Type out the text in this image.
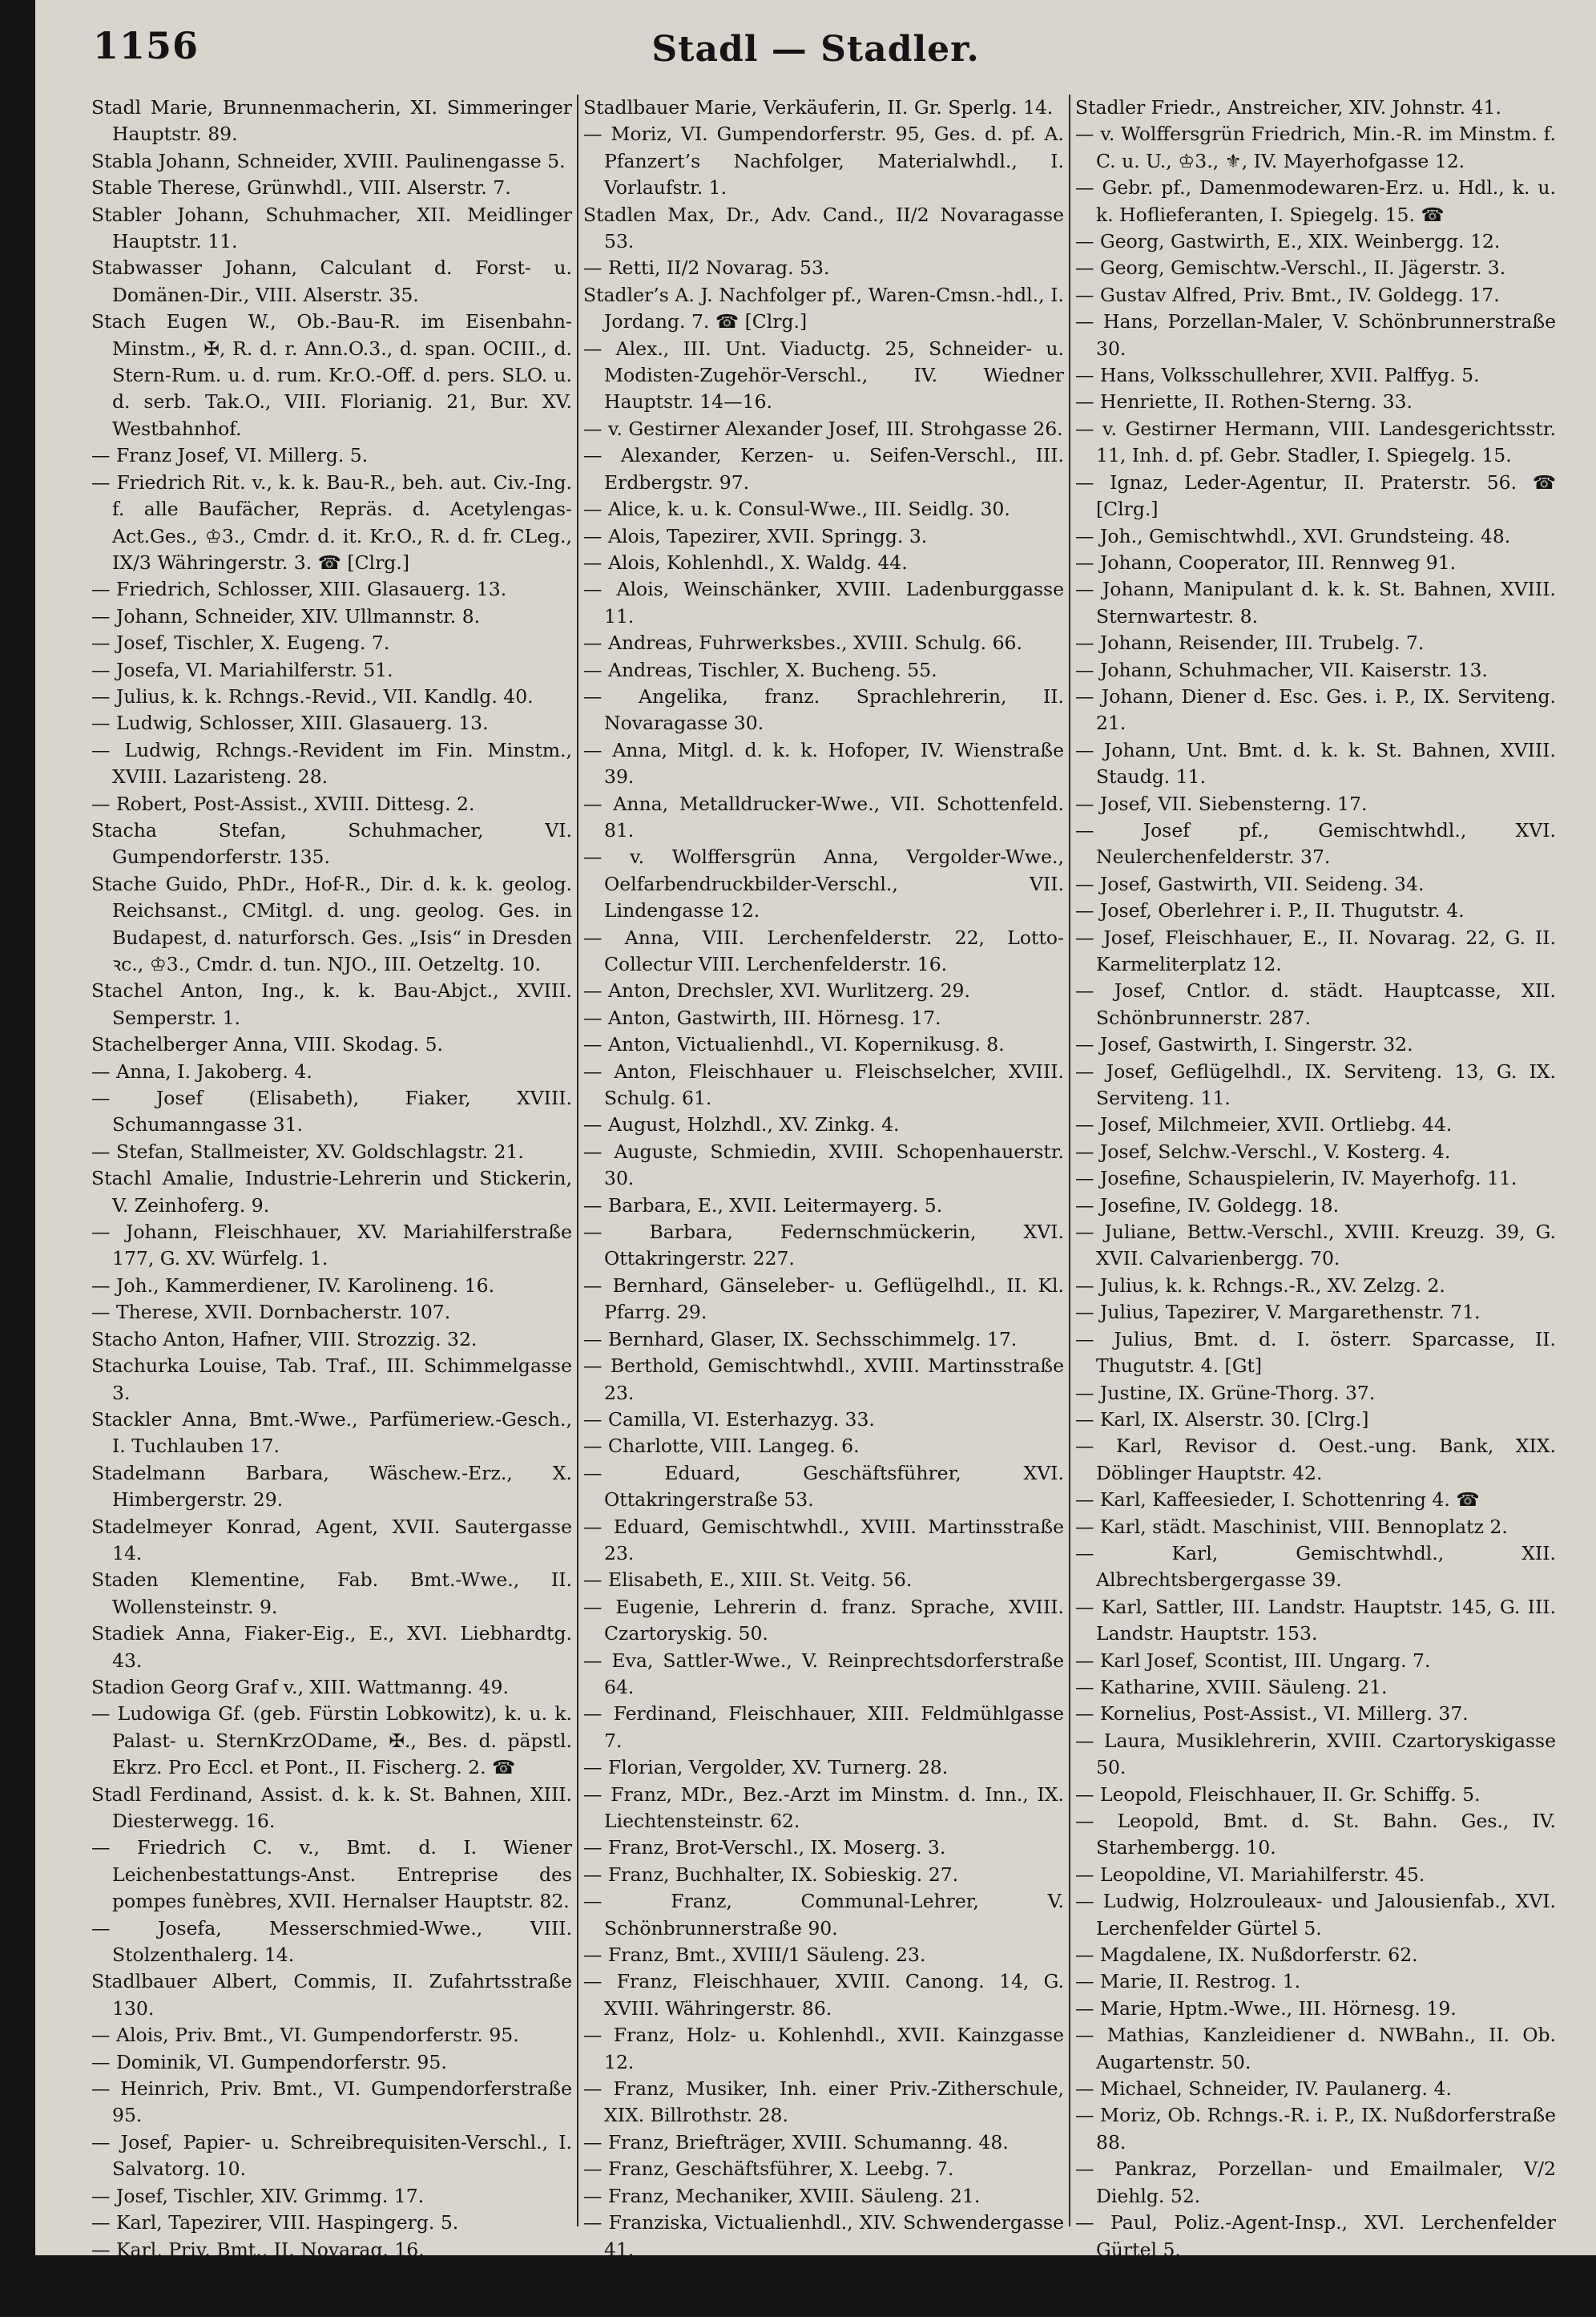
1156	Stadl — Stadler.

Stadl Marie, Brunnenmacherin, XI. Simmeringer Hauptstr. 89.

Stabla Johann, Schneider, XVIII. Paulinengasse 5.

Stable Therese, Grünwhdl., VIII. Alserstr. 7.

Stabler Johann, Schuhmacher, XII. Meidlinger Hauptstr. 11.

Stabwasser Johann, Calculant d. Forst- u. Domänen-Dir., VIII. Alserstr. 35.

Stach Eugen W., Ob.-Bau-R. im Eisenbahn-Minstm., ✠, R. d. r. Ann.O.3., d. span. OCIII., d. Stern-Rum. u. d. rum. Kr.O.-Off. d. pers. SLO. u. d. serb. Tak.O., VIII. Florianig. 21, Bur. XV. Westbahnhof.

— Franz Josef, VI. Millerg. 5.

— Friedrich Rit. v., k. k. Bau-R., beh. aut. Civ.-Ing. f. alle Baufächer, Repräs. d. Acetylengas-Act.Ges., ♔3., Cmdr. d. it. Kr.O., R. d. fr. CLeg., IX/3 Währingerstr. 3. ☎ [Clrg.]

— Friedrich, Schlosser, XIII. Glasauerg. 13.

— Johann, Schneider, XIV. Ullmannstr. 8.

— Josef, Tischler, X. Eugeng. 7.

— Josefa, VI. Mariahilferstr. 51.

— Julius, k. k. Rchngs.-Revid., VII. Kandlg. 40.

— Ludwig, Schlosser, XIII. Glasauerg. 13.

— Ludwig, Rchngs.-Revident im Fin. Minstm., XVIII. Lazaristeng. 28.

— Robert, Post-Assist., XVIII. Dittesg. 2.

Stacha Stefan, Schuhmacher, VI. Gumpendorferstr. 135.

Stache Guido, PhDr., Hof-R., Dir. d. k. k. geolog. Reichsanst., CMitgl. d. ung. geolog. Ges. in Budapest, d. naturforsch. Ges. „Isis“ in Dresden ꝛc., ♔3., Cmdr. d. tun. NJO., III. Oetzeltg. 10.

Stachel Anton, Ing., k. k. Bau-Abjct., XVIII. Semperstr. 1.

Stachelberger Anna, VIII. Skodag. 5.

— Anna, I. Jakoberg. 4.

— Josef (Elisabeth), Fiaker, XVIII. Schumanngasse 31.

— Stefan, Stallmeister, XV. Goldschlagstr. 21.

Stachl Amalie, Industrie-Lehrerin und Stickerin, V. Zeinhoferg. 9.

— Johann, Fleischhauer, XV. Mariahilferstraße 177, G. XV. Würfelg. 1.

— Joh., Kammerdiener, IV. Karolineng. 16.

— Therese, XVII. Dornbacherstr. 107.

Stacho Anton, Hafner, VIII. Strozzig. 32.

Stachurka Louise, Tab. Traf., III. Schimmelgasse 3.

Stackler Anna, Bmt.-Wwe., Parfümeriew.-Gesch., I. Tuchlauben 17.

Stadelmann Barbara, Wäschew.-Erz., X. Himbergerstr. 29.

Stadelmeyer Konrad, Agent, XVII. Sautergasse 14.

Staden Klementine, Fab. Bmt.-Wwe., II. Wollensteinstr. 9.

Stadiek Anna, Fiaker-Eig., E., XVI. Liebhardtg. 43.

Stadion Georg Graf v., XIII. Wattmanng. 49.

— Ludowiga Gf. (geb. Fürstin Lobkowitz), k. u. k. Palast- u. SternKrzODame, ✠., Bes. d. päpstl. Ekrz. Pro Eccl. et Pont., II. Fischerg. 2. ☎

Stadl Ferdinand, Assist. d. k. k. St. Bahnen, XIII. Diesterwegg. 16.

— Friedrich C. v., Bmt. d. I. Wiener Leichenbestattungs-Anst. Entreprise des pompes funèbres, XVII. Hernalser Hauptstr. 82.

— Josefa, Messerschmied-Wwe., VIII. Stolzenthalerg. 14.

Stadlbauer Albert, Commis, II. Zufahrtsstraße 130.

— Alois, Priv. Bmt., VI. Gumpendorferstr. 95.

— Dominik, VI. Gumpendorferstr. 95.

— Heinrich, Priv. Bmt., VI. Gumpendorferstraße 95.

— Josef, Papier- u. Schreibrequisiten-Verschl., I. Salvatorg. 10.

— Josef, Tischler, XIV. Grimmg. 17.

— Karl, Tapezirer, VIII. Haspingerg. 5.

— Karl, Priv. Bmt., II. Novarag. 16.

Stadlbauer Marie, Verkäuferin, II. Gr. Sperlg. 14.

— Moriz, VI. Gumpendorferstr. 95, Ges. d. pf. A. Pfanzert’s Nachfolger, Materialwhdl., I. Vorlaufstr. 1.

Stadlen Max, Dr., Adv. Cand., II/2 Novaragasse 53.

— Retti, II/2 Novarag. 53.

Stadler’s A. J. Nachfolger pf., Waren-Cmsn.-hdl., I. Jordang. 7. ☎ [Clrg.]

— Alex., III. Unt. Viaductg. 25, Schneider- u. Modisten-Zugehör-Verschl., IV. Wiedner Hauptstr. 14—16.

— v. Gestirner Alexander Josef, III. Strohgasse 26.

— Alexander, Kerzen- u. Seifen-Verschl., III. Erdbergstr. 97.

— Alice, k. u. k. Consul-Wwe., III. Seidlg. 30.

— Alois, Tapezirer, XVII. Springg. 3.

— Alois, Kohlenhdl., X. Waldg. 44.

— Alois, Weinschänker, XVIII. Ladenburggasse 11.

— Andreas, Fuhrwerksbes., XVIII. Schulg. 66.

— Andreas, Tischler, X. Bucheng. 55.

— Angelika, franz. Sprachlehrerin, II. Novaragasse 30.

— Anna, Mitgl. d. k. k. Hofoper, IV. Wienstraße 39.

— Anna, Metalldrucker-Wwe., VII. Schottenfeld. 81.

— v. Wolffersgrün Anna, Vergolder-Wwe., Oelfarbendruckbilder-Verschl., VII. Lindengasse 12.

— Anna, VIII. Lerchenfelderstr. 22, Lotto-Collectur VIII. Lerchenfelderstr. 16.

— Anton, Drechsler, XVI. Wurlitzerg. 29.

— Anton, Gastwirth, III. Hörnesg. 17.

— Anton, Victualienhdl., VI. Kopernikusg. 8.

— Anton, Fleischhauer u. Fleischselcher, XVIII. Schulg. 61.

— August, Holzhdl., XV. Zinkg. 4.

— Auguste, Schmiedin, XVIII. Schopenhauerstr. 30.

— Barbara, E., XVII. Leitermayerg. 5.

— Barbara, Federnschmückerin, XVI. Ottakringerstr. 227.

— Bernhard, Gänseleber- u. Geflügelhdl., II. Kl. Pfarrg. 29.

— Bernhard, Glaser, IX. Sechsschimmelg. 17.

— Berthold, Gemischtwhdl., XVIII. Martinsstraße 23.

— Camilla, VI. Esterhazyg. 33.

— Charlotte, VIII. Langeg. 6.

— Eduard, Geschäftsführer, XVI. Ottakringerstraße 53.

— Eduard, Gemischtwhdl., XVIII. Martinsstraße 23.

— Elisabeth, E., XIII. St. Veitg. 56.

— Eugenie, Lehrerin d. franz. Sprache, XVIII. Czartoryskig. 50.

— Eva, Sattler-Wwe., V. Reinprechtsdorferstraße 64.

— Ferdinand, Fleischhauer, XIII. Feldmühlgasse 7.

— Florian, Vergolder, XV. Turnerg. 28.

— Franz, MDr., Bez.-Arzt im Minstm. d. Inn., IX. Liechtensteinstr. 62.

— Franz, Brot-Verschl., IX. Moserg. 3.

— Franz, Buchhalter, IX. Sobieskig. 27.

— Franz, Communal-Lehrer, V. Schönbrunnerstraße 90.

— Franz, Bmt., XVIII/1 Säuleng. 23.

— Franz, Fleischhauer, XVIII. Canong. 14, G. XVIII. Währingerstr. 86.

— Franz, Holz- u. Kohlenhdl., XVII. Kainzgasse 12.

— Franz, Musiker, Inh. einer Priv.-Zitherschule, XIX. Billrothstr. 28.

— Franz, Briefträger, XVIII. Schumanng. 48.

— Franz, Geschäftsführer, X. Leebg. 7.

— Franz, Mechaniker, XVIII. Säuleng. 21.

— Franziska, Victualienhdl., XIV. Schwendergasse 41.

— Friederike, Magistr.-R.-Wwe., VII. Siebensterng. 28.

Stadler Friedr., Anstreicher, XIV. Johnstr. 41.

— v. Wolffersgrün Friedrich, Min.-R. im Minstm. f. C. u. U., ♔3., ⚜, IV. Mayerhofgasse 12.

— Gebr. pf., Damenmodewaren-Erz. u. Hdl., k. u. k. Hoflieferanten, I. Spiegelg. 15. ☎

— Georg, Gastwirth, E., XIX. Weinbergg. 12.

— Georg, Gemischtw.-Verschl., II. Jägerstr. 3.

— Gustav Alfred, Priv. Bmt., IV. Goldegg. 17.

— Hans, Porzellan-Maler, V. Schönbrunnerstraße 30.

— Hans, Volksschullehrer, XVII. Palffyg. 5.

— Henriette, II. Rothen-Sterng. 33.

— v. Gestirner Hermann, VIII. Landesgerichtsstr. 11, Inh. d. pf. Gebr. Stadler, I. Spiegelg. 15.

— Ignaz, Leder-Agentur, II. Praterstr. 56. ☎ [Clrg.]

— Joh., Gemischtwhdl., XVI. Grundsteing. 48.

— Johann, Cooperator, III. Rennweg 91.

— Johann, Manipulant d. k. k. St. Bahnen, XVIII. Sternwartestr. 8.

— Johann, Reisender, III. Trubelg. 7.

— Johann, Schuhmacher, VII. Kaiserstr. 13.

— Johann, Diener d. Esc. Ges. i. P., IX. Serviteng. 21.

— Johann, Unt. Bmt. d. k. k. St. Bahnen, XVIII. Staudg. 11.

— Josef, VII. Siebensterng. 17.

— Josef pf., Gemischtwhdl., XVI. Neulerchenfelderstr. 37.

— Josef, Gastwirth, VII. Seideng. 34.

— Josef, Oberlehrer i. P., II. Thugutstr. 4.

— Josef, Fleischhauer, E., II. Novarag. 22, G. II. Karmeliterplatz 12.

— Josef, Cntlor. d. städt. Hauptcasse, XII. Schönbrunnerstr. 287.

— Josef, Gastwirth, I. Singerstr. 32.

— Josef, Geflügelhdl., IX. Serviteng. 13, G. IX. Serviteng. 11.

— Josef, Milchmeier, XVII. Ortliebg. 44.

— Josef, Selchw.-Verschl., V. Kosterg. 4.

— Josefine, Schauspielerin, IV. Mayerhofg. 11.

— Josefine, IV. Goldegg. 18.

— Juliane, Bettw.-Verschl., XVIII. Kreuzg. 39, G. XVII. Calvarienbergg. 70.

— Julius, k. k. Rchngs.-R., XV. Zelzg. 2.

— Julius, Tapezirer, V. Margarethenstr. 71.

— Julius, Bmt. d. I. österr. Sparcasse, II. Thugutstr. 4. [Gt]

— Justine, IX. Grüne-Thorg. 37.

— Karl, IX. Alserstr. 30. [Clrg.]

— Karl, Revisor d. Oest.-ung. Bank, XIX. Döblinger Hauptstr. 42.

— Karl, Kaffeesieder, I. Schottenring 4. ☎

— Karl, städt. Maschinist, VIII. Bennoplatz 2.

— Karl, Gemischtwhdl., XII. Albrechtsbergergasse 39.

— Karl, Sattler, III. Landstr. Hauptstr. 145, G. III. Landstr. Hauptstr. 153.

— Karl Josef, Scontist, III. Ungarg. 7.

— Katharine, XVIII. Säuleng. 21.

— Kornelius, Post-Assist., VI. Millerg. 37.

— Laura, Musiklehrerin, XVIII. Czartoryskigasse 50.

— Leopold, Fleischhauer, II. Gr. Schiffg. 5.

— Leopold, Bmt. d. St. Bahn. Ges., IV. Starhembergg. 10.

— Leopoldine, VI. Mariahilferstr. 45.

— Ludwig, Holzrouleaux- und Jalousienfab., XVI. Lerchenfelder Gürtel 5.

— Magdalene, IX. Nußdorferstr. 62.

— Marie, II. Restrog. 1.

— Marie, Hptm.-Wwe., III. Hörnesg. 19.

— Mathias, Kanzleidiener d. NWBahn., II. Ob. Augartenstr. 50.

— Michael, Schneider, IV. Paulanerg. 4.

— Moriz, Ob. Rchngs.-R. i. P., IX. Nußdorferstraße 88.

— Pankraz, Porzellan- und Emailmaler, V/2 Diehlg. 52.

— Paul, Poliz.-Agent-Insp., XVI. Lerchenfelder Gürtel 5.

— Regine, Spirituosenhdl., XVII. Calvarienbergg. 64, G. X. Himbergerstr. 89.
